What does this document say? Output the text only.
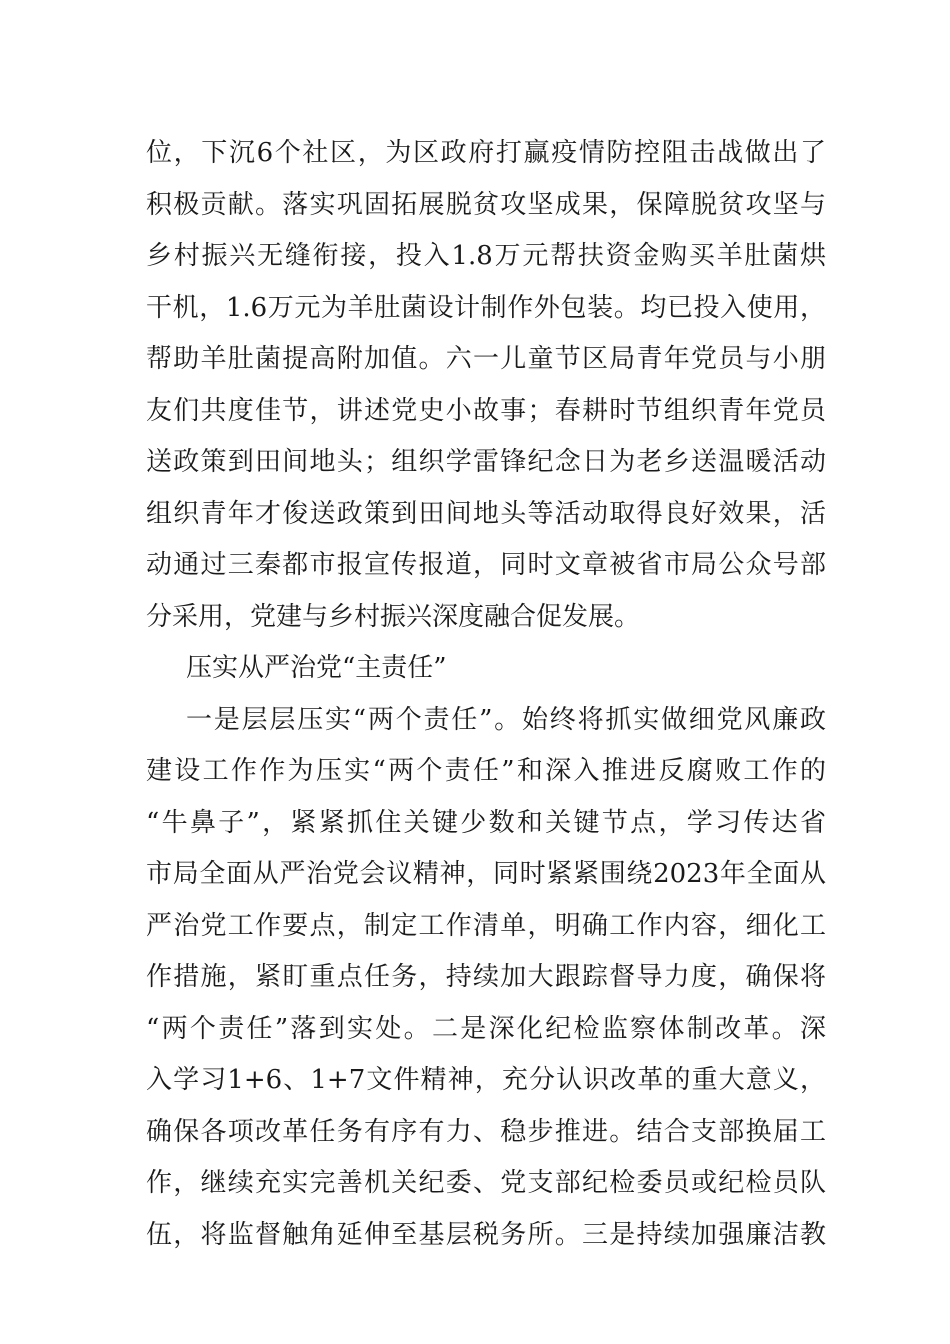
位，下沉6个社区，为区政府打赢疫情防控阻击战做出了
积极贡献。落实巩固拓展脱贫攻坚成果，保障脱贫攻坚与
乡村振兴无缝衔接，投入1.8万元帮扶资金购买羊肚菌烘
干机，1.6万元为羊肚菌设计制作外包装。均已投入使用，
帮助羊肚菌提高附加值。六一儿童节区局青年党员与小朋
友们共度佳节，讲述党史小故事；春耕时节组织青年党员
送政策到田间地头；组织学雷锋纪念日为老乡送温暖活动
组织青年才俊送政策到田间地头等活动取得良好效果，活
动通过三秦都市报宣传报道，同时文章被省市局公众号部
分采用，党建与乡村振兴深度融合促发展。
压实从严治党“主责任”
一是层层压实“两个责任”。始终将抓实做细党风廉政
建设工作作为压实“两个责任”和深入推进反腐败工作的
“牛鼻子”，紧紧抓住关键少数和关键节点，学习传达省
市局全面从严治党会议精神，同时紧紧围绕2023年全面从
严治党工作要点，制定工作清单，明确工作内容，细化工
作措施，紧盯重点任务，持续加大跟踪督导力度，确保将
“两个责任”落到实处。二是深化纪检监察体制改革。深
入学习1+6、1+7文件精神，充分认识改革的重大意义，
确保各项改革任务有序有力、稳步推进。结合支部换届工
作，继续充实完善机关纪委、党支部纪检委员或纪检员队
伍，将监督触角延伸至基层税务所。三是持续加强廉洁教
